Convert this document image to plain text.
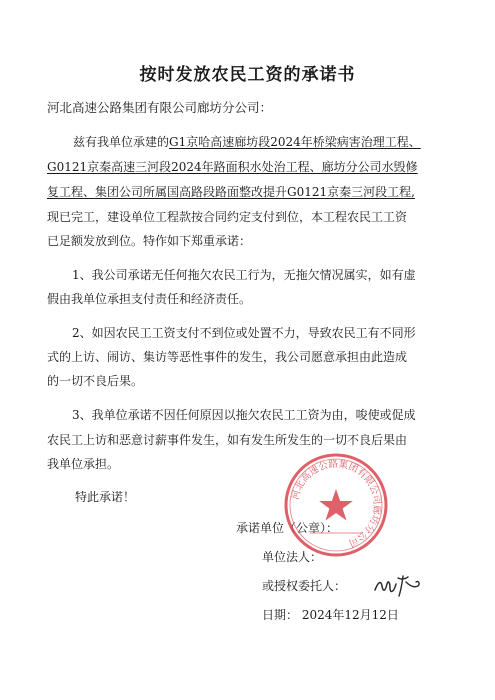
按时发放农民工资的承诺书
河北高速公路集团有限公司廊坊分公司：
兹有我单位承建的G1京哈高速廊坊段2024年桥梁病害治理工程、
G0121京秦高速三河段2024年路面积水处治工程、廊坊分公司水毁修
复工程、集团公司所属国高路段路面整改提升G0121京秦三河段工程,
现已完工，建设单位工程款按合同约定支付到位，本工程农民工工资
已足额发放到位。特作如下郑重承诺：
1、我公司承诺无任何拖欠农民工行为，无拖欠情况属实，如有虚
假由我单位承担支付责任和经济责任。
2、如因农民工工资支付不到位或处置不力，导致农民工有不同形
式的上访、闹访、集访等恶性事件的发生，我公司愿意承担由此造成
的一切不良后果。
3、我单位承诺不因任何原因以拖欠农民工工资为由，唆使或促成
农民工上访和恶意讨薪事件发生，如有发生所发生的一切不良后果由
我单位承担。
特此承诺！
承诺单位（公章）：
单位法人：
或授权委托人：
日期： 2024年12月12日
河北高速公路集团有限公司廊坊分公司
